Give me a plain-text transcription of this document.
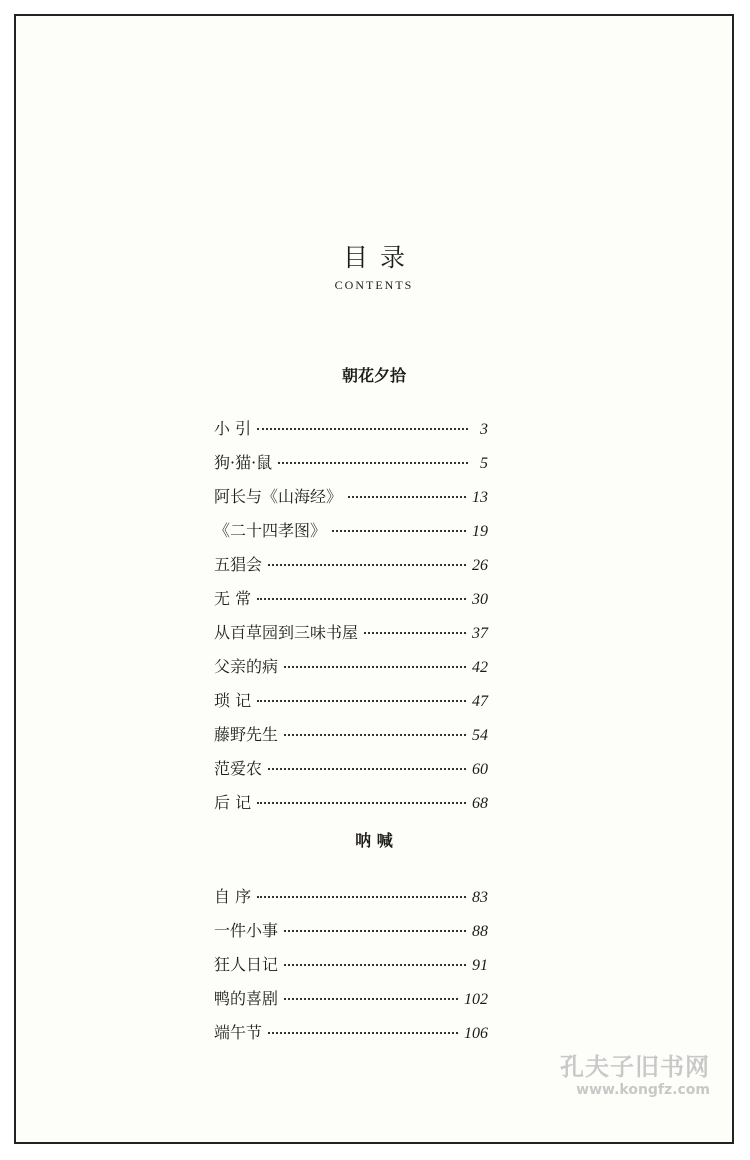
目录
CONTENTS
朝花夕拾
小 引	3
狗·猫·鼠	5
阿长与《山海经》	13
《二十四孝图》	19
五猖会	26
无 常	30
从百草园到三味书屋	37
父亲的病	42
琐 记	47
藤野先生	54
范爱农	60
后 记	68
呐 喊
自 序	83
一件小事	88
狂人日记	91
鸭的喜剧	102
端午节	106
孔夫子旧书网
www.kongfz.com
